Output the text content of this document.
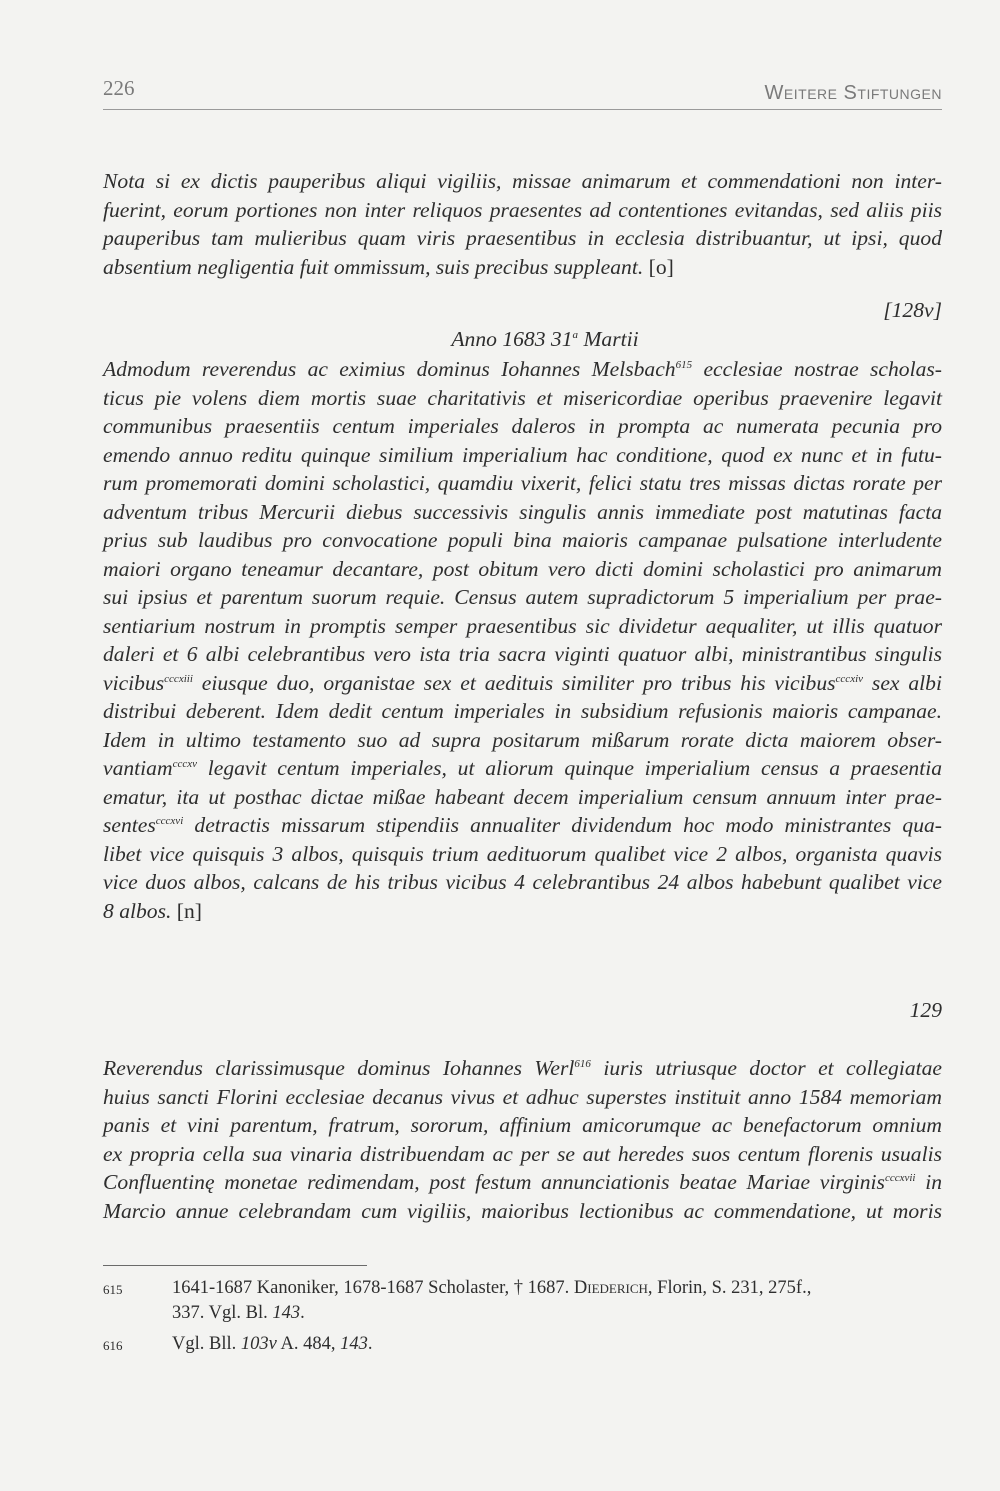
226	Weitere Stiftungen
Nota si ex dictis pauperibus aliqui vigiliis, missae animarum et commendationi non inter-
fuerint, eorum portiones non inter reliquos praesentes ad contentiones evitandas, sed aliis piis
pauperibus tam mulieribus quam viris praesentibus in ecclesia distribuantur, ut ipsi, quod
absentium negligentia fuit ommissum, suis precibus suppleant. [o]
[128v]
Anno 1683 31$^a$ Martii
Admodum reverendus ac eximius dominus Iohannes Melsbach$^{615}$ ecclesiae nostrae scholas-
ticus pie volens diem mortis suae charitativis et misericordiae operibus praevenire legavit
communibus praesentiis centum imperiales daleros in prompta ac numerata pecunia pro
emendo annuo reditu quinque similium imperialium hac conditione, quod ex nunc et in futu-
rum promemorati domini scholastici, quamdiu vixerit, felici statu tres missas dictas rorate per
adventum tribus Mercurii diebus successivis singulis annis immediate post matutinas facta
prius sub laudibus pro convocatione populi bina maioris campanae pulsatione interludente
maiori organo teneamur decantare, post obitum vero dicti domini scholastici pro animarum
sui ipsius et parentum suorum requie. Census autem supradictorum 5 imperialium per prae-
sentiarium nostrum in promptis semper praesentibus sic dividetur aequaliter, ut illis quatuor
daleri et 6 albi celebrantibus vero ista tria sacra viginti quatuor albi, ministrantibus singulis
vicibus$^{cccxiii}$ eiusque duo, organistae sex et aedituis similiter pro tribus his vicibus$^{cccxiv}$ sex albi
distribui deberent. Idem dedit centum imperiales in subsidium refusionis maioris campanae.
Idem in ultimo testamento suo ad supra positarum mißarum rorate dicta maiorem obser-
vantiam$^{cccxv}$ legavit centum imperiales, ut aliorum quinque imperialium census a praesentia
ematur, ita ut posthac dictae mißae habeant decem imperialium censum annuum inter prae-
sentes$^{cccxvi}$ detractis missarum stipendiis annualiter dividendum hoc modo ministrantes qua-
libet vice quisquis 3 albos, quisquis trium aedituorum qualibet vice 2 albos, organista quavis
vice duos albos, calcans de his tribus vicibus 4 celebrantibus 24 albos habebunt qualibet vice
8 albos. [n]
129
Reverendus clarissimusque dominus Iohannes Werl$^{616}$ iuris utriusque doctor et collegiatae
huius sancti Florini ecclesiae decanus vivus et adhuc superstes instituit anno 1584 memoriam
panis et vini parentum, fratrum, sororum, affinium amicorumque ac benefactorum omnium
ex propria cella sua vinaria distribuendam ac per se aut heredes suos centum florenis usualis
Confluentinę monetae redimendam, post festum annunciationis beatae Mariae virginis$^{cccxvii}$ in
Marcio annue celebrandam cum vigiliis, maioribus lectionibus ac commendatione, ut moris
615	1641-1687 Kanoniker, 1678-1687 Scholaster, † 1687. Diederich, Florin, S. 231, 275f.,
337. Vgl. Bl. 143.
616	Vgl. Bll. 103v A. 484, 143.
